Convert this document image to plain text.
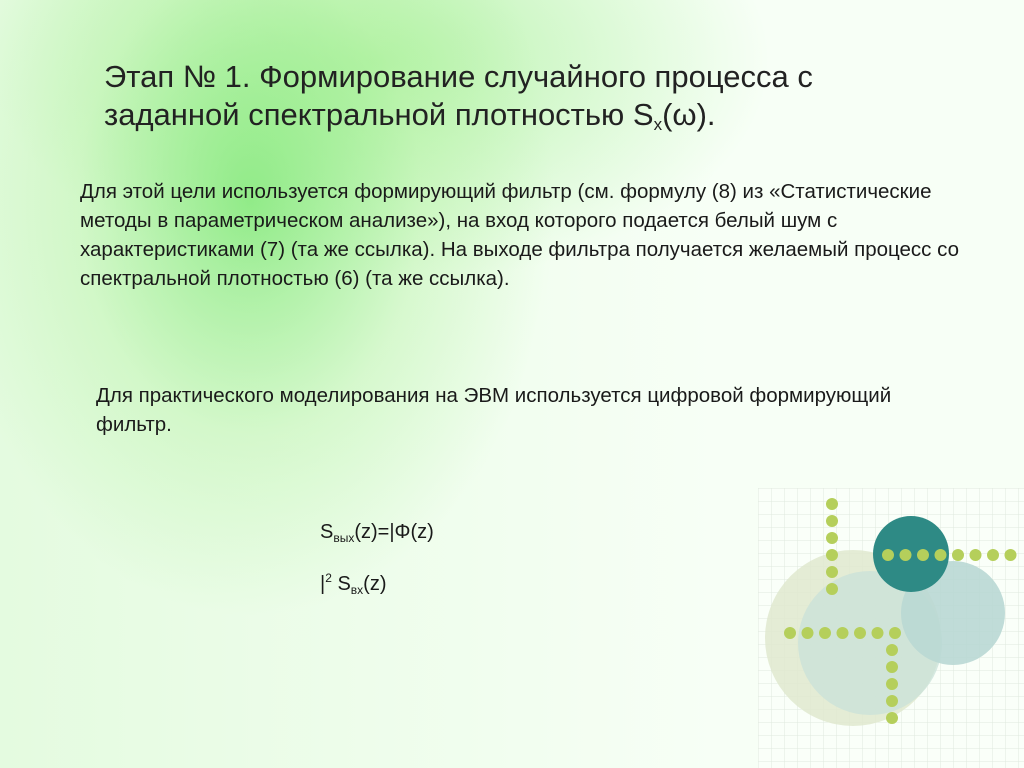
Этап № 1. Формирование случайного процесса с
заданной спектральной плотностью $S_x(\omega)$.
Для этой цели используется формирующий фильтр (см. формулу (8) из «Статистические методы в параметрическом анализе»), на вход которого подается белый шум с характеристиками (7) (та же ссылка). На выходе фильтра получается желаемый процесс со спектральной плотностью (6) (та же ссылка).
Для практического моделирования на ЭВМ используется цифровой формирующий фильтр.
$S_{вых}(z)=|\Phi(z)$
$|^2$ $S_{вх}(z)$
